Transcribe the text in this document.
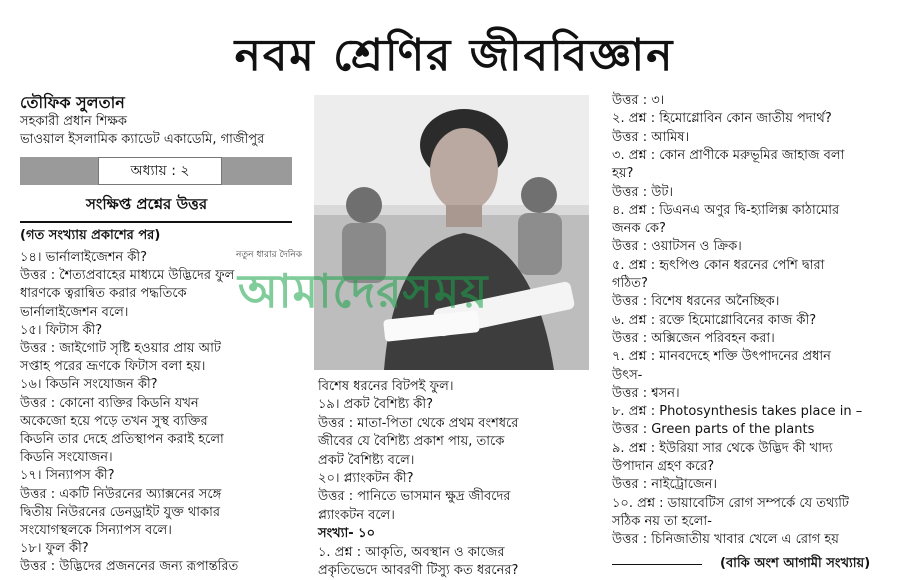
নবম শ্রেণির জীববিজ্ঞান
তৌফিক সুলতান
সহকারী প্রধান শিক্ষক
ভাওয়াল ইসলামিক ক্যাডেট একাডেমি, গাজীপুর
অধ্যায় : ২
সংক্ষিপ্ত প্রশ্নের উত্তর
(গত সংখ্যায় প্রকাশের পর)
১৪। ভার্নালাইজেশন কী?
উত্তর : শৈত্যপ্রবাহের মাধ্যমে উদ্ভিদের ফুল
ধারণকে ত্বরান্বিত করার পদ্ধতিকে
ভার্নালাইজেশন বলে।
১৫। ফিটাস কী?
উত্তর : জাইগোট সৃষ্টি হওয়ার প্রায় আট
সপ্তাহ পরের ভ্রূণকে ফিটাস বলা হয়।
১৬। কিডনি সংযোজন কী?
উত্তর : কোনো ব্যক্তির কিডনি যখন
অকেজো হয়ে পড়ে তখন সুস্থ ব্যক্তির
কিডনি তার দেহে প্রতিস্থাপন করাই হলো
কিডনি সংযোজন।
১৭। সিন্যাপস কী?
উত্তর : একটি নিউরনের অ্যাক্সনের সঙ্গে
দ্বিতীয় নিউরনের ডেনড্রাইট যুক্ত থাকার
সংযোগস্থলকে সিন্যাপস বলে।
১৮। ফুল কী?
উত্তর : উদ্ভিদের প্রজননের জন্য রূপান্তরিত
বিশেষ ধরনের বিটপই ফুল।
১৯। প্রকট বৈশিষ্ট্য কী?
উত্তর : মাতা-পিতা থেকে প্রথম বংশধরে
জীবের যে বৈশিষ্ট্য প্রকাশ পায়, তাকে
প্রকট বৈশিষ্ট্য বলে।
২০। প্ল্যাংকটন কী?
উত্তর : পানিতে ভাসমান ক্ষুদ্র জীবদের
প্ল্যাংকটন বলে।
সংখ্যা- ১০
১. প্রশ্ন : আকৃতি, অবস্থান ও কাজের
প্রকৃতিভেদে আবরণী টিস্যু কত ধরনের?
উত্তর : ৩।
২. প্রশ্ন : হিমোগ্লোবিন কোন জাতীয় পদার্থ?
উত্তর : আমিষ।
৩. প্রশ্ন : কোন প্রাণীকে মরুভূমির জাহাজ বলা
হয়?
উত্তর : উট।
৪. প্রশ্ন : ডিএনএ অণুর দ্বি-হ্যালিক্স কাঠামোর
জনক কে?
উত্তর : ওয়াটসন ও ক্রিক।
৫. প্রশ্ন : হৃৎপিণ্ড কোন ধরনের পেশি দ্বারা
গঠিত?
উত্তর : বিশেষ ধরনের অনৈচ্ছিক।
৬. প্রশ্ন : রক্তে হিমোগ্লোবিনের কাজ কী?
উত্তর : অক্সিজেন পরিবহন করা।
৭. প্রশ্ন : মানবদেহে শক্তি উৎপাদনের প্রধান
উৎস-
উত্তর : শ্বসন।
৮. প্রশ্ন : Photosynthesis takes place in –
উত্তর : Green parts of the plants
৯. প্রশ্ন : ইউরিয়া সার থেকে উদ্ভিদ কী খাদ্য
উপাদান গ্রহণ করে?
উত্তর : নাইট্রোজেন।
১০. প্রশ্ন : ডায়াবেটিস রোগ সম্পর্কে যে তথ্যটি
সঠিক নয় তা হলো-
উত্তর : চিনিজাতীয় খাবার খেলে এ রোগ হয়
(বাকি অংশ আগামী সংখ্যায়)
নতুন ধারার দৈনিক
আমাদেরসময়
